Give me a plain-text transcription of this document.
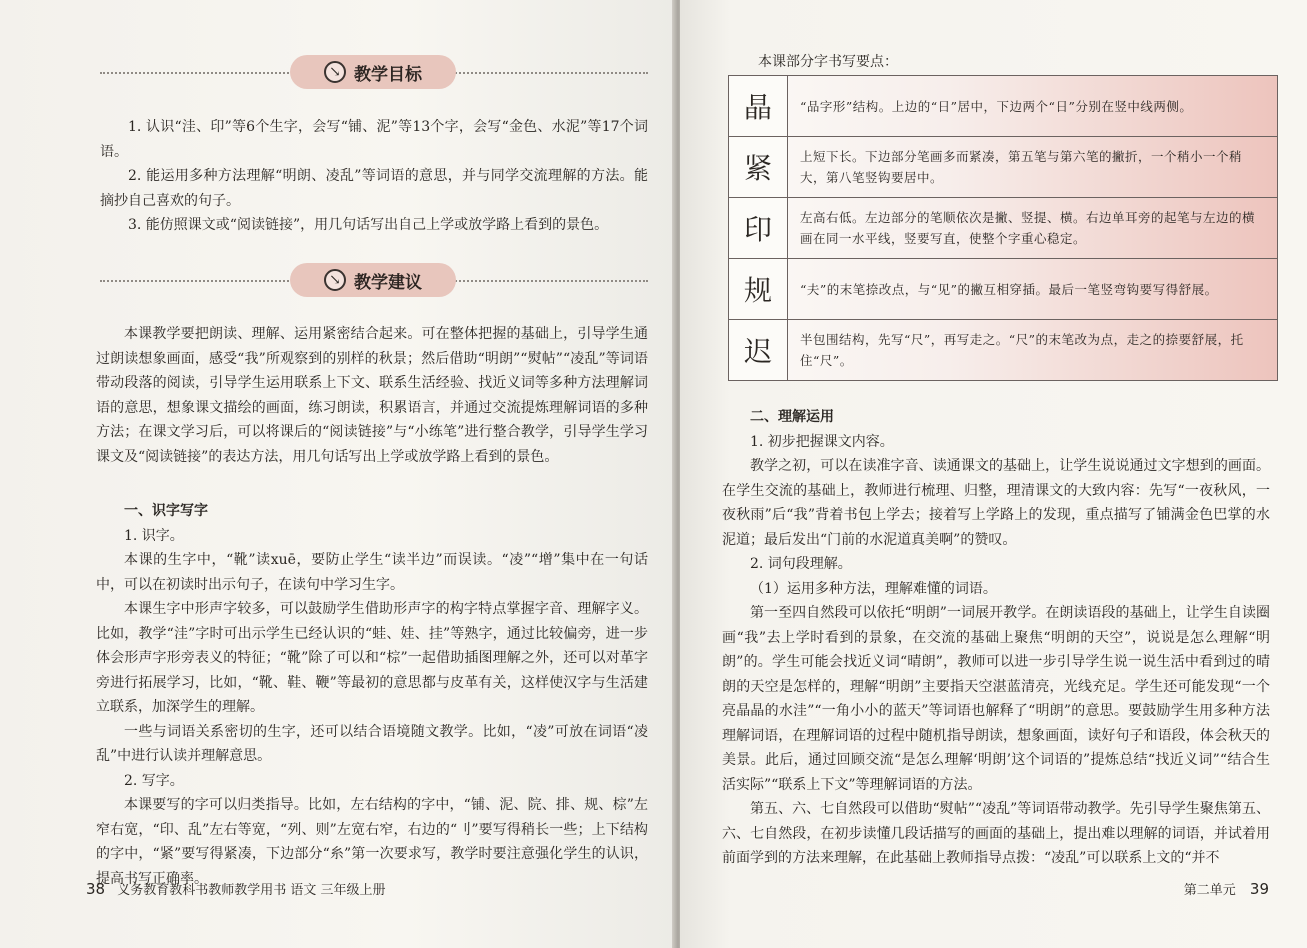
↘ 教学目标

1. 认识“洼、印”等6个生字，会写“铺、泥”等13个字，会写“金色、水泥”等17个词语。

2. 能运用多种方法理解“明朗、凌乱”等词语的意思，并与同学交流理解的方法。能摘抄自己喜欢的句子。

3. 能仿照课文或“阅读链接”，用几句话写出自己上学或放学路上看到的景色。

↘ 教学建议

本课教学要把朗读、理解、运用紧密结合起来。可在整体把握的基础上，引导学生通过朗读想象画面，感受“我”所观察到的别样的秋景；然后借助“明朗”“熨帖”“凌乱”等词语带动段落的阅读，引导学生运用联系上下文、联系生活经验、找近义词等多种方法理解词语的意思，想象课文描绘的画面，练习朗读，积累语言，并通过交流提炼理解词语的多种方法；在课文学习后，可以将课后的“阅读链接”与“小练笔”进行整合教学，引导学生学习课文及“阅读链接”的表达方法，用几句话写出上学或放学路上看到的景色。

一、识字写字

1. 识字。

本课的生字中，“靴”读xuē，要防止学生“读半边”而误读。“凌”“增”集中在一句话中，可以在初读时出示句子，在读句中学习生字。

本课生字中形声字较多，可以鼓励学生借助形声字的构字特点掌握字音、理解字义。比如，教学“洼”字时可出示学生已经认识的“蛙、娃、挂”等熟字，通过比较偏旁，进一步体会形声字形旁表义的特征；“靴”除了可以和“棕”一起借助插图理解之外，还可以对革字旁进行拓展学习，比如，“靴、鞋、鞭”等最初的意思都与皮革有关，这样使汉字与生活建立联系，加深学生的理解。

一些与词语关系密切的生字，还可以结合语境随文教学。比如，“凌”可放在词语“凌乱”中进行认读并理解意思。

2. 写字。

本课要写的字可以归类指导。比如，左右结构的字中，“铺、泥、院、排、规、棕”左窄右宽，“印、乱”左右等宽，“列、则”左宽右窄，右边的“刂”要写得稍长一些；上下结构的字中，“紧”要写得紧凑，下边部分“糸”第一次要求写，教学时要注意强化学生的认识，提高书写正确率。

38 义务教育教科书教师教学用书 语文 三年级上册
本课部分字书写要点：
晶	“品字形”结构。上边的“日”居中，下边两个“日”分别在竖中线两侧。
紧	上短下长。下边部分笔画多而紧凑，第五笔与第六笔的撇折，一个稍小一个稍大，第八笔竖钩要居中。
印	左高右低。左边部分的笔顺依次是撇、竖提、横。右边单耳旁的起笔与左边的横画在同一水平线，竖要写直，使整个字重心稳定。
规	“夫”的末笔捺改点，与“见”的撇互相穿插。最后一笔竖弯钩要写得舒展。
迟	半包围结构，先写“尺”，再写走之。“尺”的末笔改为点，走之的捺要舒展，托住“尺”。

二、理解运用

1. 初步把握课文内容。

教学之初，可以在读准字音、读通课文的基础上，让学生说说通过文字想到的画面。在学生交流的基础上，教师进行梳理、归整，理清课文的大致内容：先写“一夜秋风，一夜秋雨”后“我”背着书包上学去；接着写上学路上的发现，重点描写了铺满金色巴掌的水泥道；最后发出“门前的水泥道真美啊”的赞叹。

2. 词句段理解。

（1）运用多种方法，理解难懂的词语。

第一至四自然段可以依托“明朗”一词展开教学。在朗读语段的基础上，让学生自读圈画“我”去上学时看到的景象，在交流的基础上聚焦“明朗的天空”，说说是怎么理解“明朗”的。学生可能会找近义词“晴朗”，教师可以进一步引导学生说一说生活中看到过的晴朗的天空是怎样的，理解“明朗”主要指天空湛蓝清亮，光线充足。学生还可能发现“一个亮晶晶的水洼”“一角小小的蓝天”等词语也解释了“明朗”的意思。要鼓励学生用多种方法理解词语，在理解词语的过程中随机指导朗读，想象画面，读好句子和语段，体会秋天的美景。此后，通过回顾交流“是怎么理解‘明朗’这个词语的”提炼总结“找近义词”“结合生活实际”“联系上下文”等理解词语的方法。

第五、六、七自然段可以借助“熨帖”“凌乱”等词语带动教学。先引导学生聚焦第五、六、七自然段，在初步读懂几段话描写的画面的基础上，提出难以理解的词语，并试着用前面学到的方法来理解，在此基础上教师指导点拨：“凌乱”可以联系上文的“并不

第二单元 39
